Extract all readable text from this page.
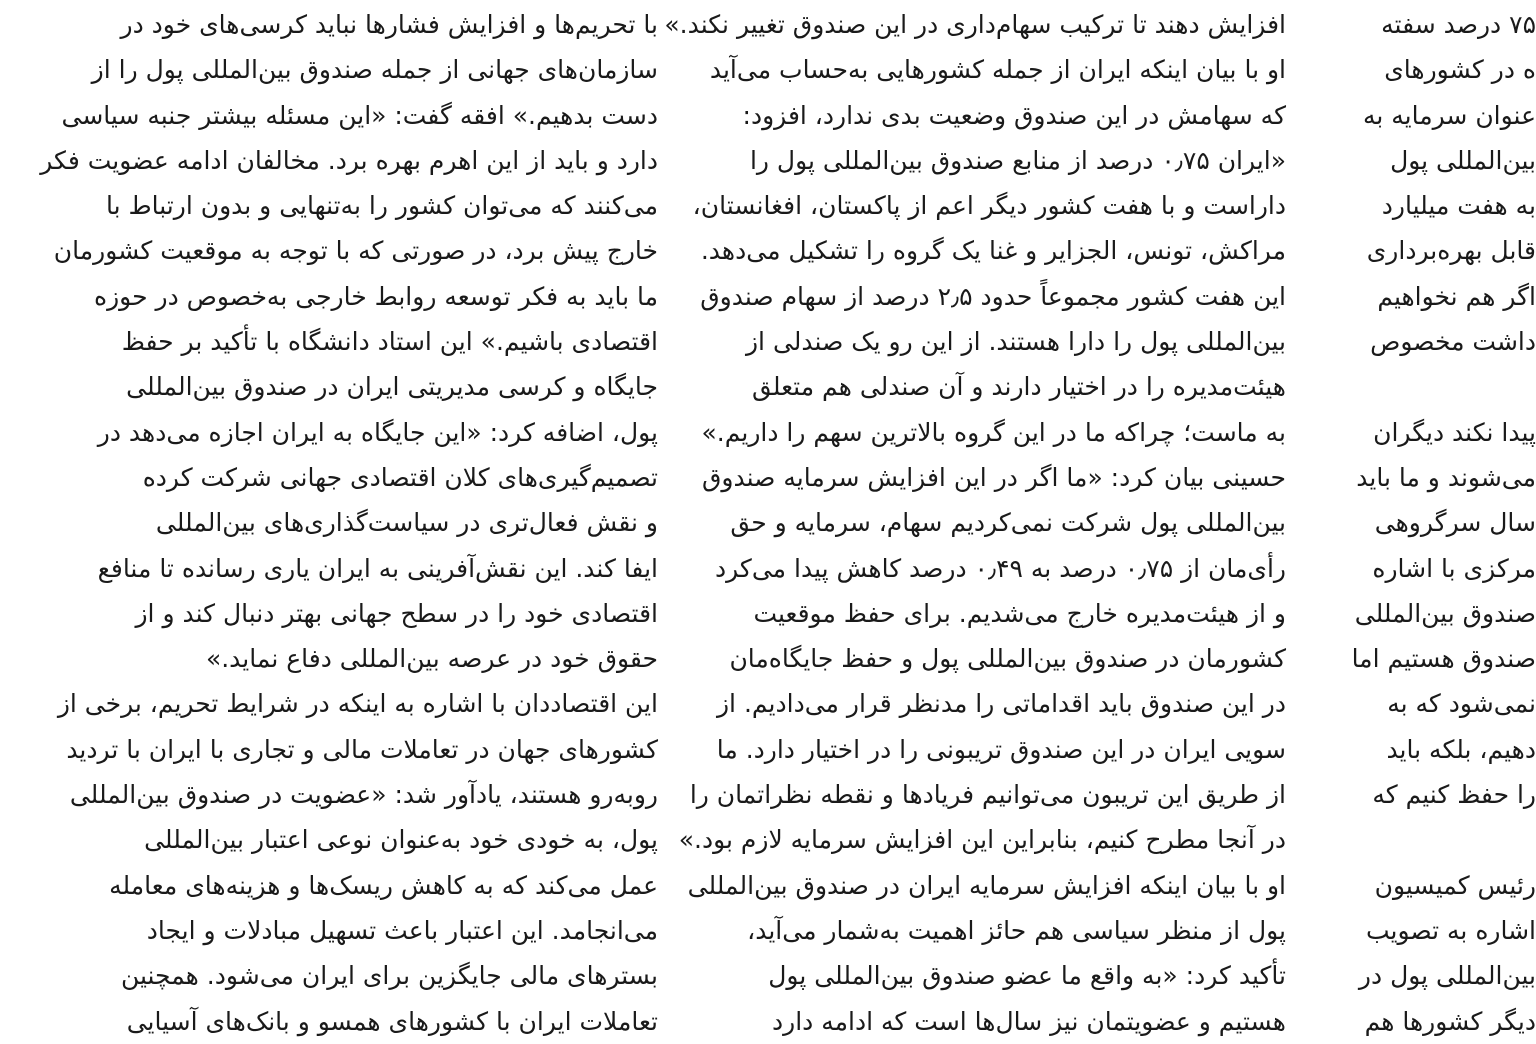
با تحریم‌ها و افزایش فشارها نباید کرسی‌های خود در

سازمان‌های جهانی از جمله صندوق بین‌المللی پول را از

دست بدهیم.» افقه گفت: «این مسئله بیشتر جنبه سیاسی

دارد و باید از این اهرم بهره برد. مخالفان ادامه عضویت فکر

می‌کنند که می‌توان کشور را به‌تنهایی و بدون ارتباط با

خارج پیش برد، در صورتی که با توجه به موقعیت کشورمان

ما باید به فکر توسعه روابط خارجی به‌خصوص در حوزه

اقتصادی باشیم.» این استاد دانشگاه با تأکید بر حفظ

جایگاه و کرسی مدیریتی ایران در صندوق بین‌المللی

پول، اضافه کرد: «این جایگاه به ایران اجازه می‌دهد در

تصمیم‌گیری‌های کلان اقتصادی جهانی شرکت کرده

و نقش فعال‌تری در سیاست‌گذاری‌های بین‌المللی

ایفا کند. این نقش‌آفرینی به ایران یاری رسانده تا منافع

اقتصادی خود را در سطح جهانی بهتر دنبال کند و از

حقوق خود در عرصه بین‌المللی دفاع نماید.»

این اقتصاددان با اشاره به اینکه در شرایط تحریم، برخی از

کشورهای جهان در تعاملات مالی و تجاری با ایران با تردید

روبه‌رو هستند، یادآور شد: «عضویت در صندوق بین‌المللی

پول، به خودی خود به‌عنوان نوعی اعتبار بین‌المللی

عمل می‌کند که به کاهش ریسک‌ها و هزینه‌های معامله

می‌انجامد. این اعتبار باعث تسهیل مبادلات و ایجاد

بسترهای مالی جایگزین برای ایران می‌شود. همچنین

تعاملات ایران با کشورهای همسو و بانک‌های آسیایی

افزایش دهند تا ترکیب سهام‌داری در این صندوق تغییر نکند.»

او با بیان اینکه ایران از جمله کشورهایی به‌حساب می‌آید

که سهامش در این صندوق وضعیت بدی ندارد، افزود:

«ایران ۰٫۷۵ درصد از منابع صندوق بین‌المللی پول را

داراست و با هفت کشور دیگر اعم از پاکستان، افغانستان،

مراکش، تونس، الجزایر و غنا یک گروه را تشکیل می‌دهد.

این هفت کشور مجموعاً حدود ۲٫۵ درصد از سهام صندوق

بین‌المللی پول را دارا هستند. از این رو یک صندلی از

هیئت‌مدیره را در اختیار دارند و آن صندلی هم متعلق

به ماست؛ چراکه ما در این گروه بالاترین سهم را داریم.»

حسینی بیان کرد: «ما اگر در این افزایش سرمایه صندوق

بین‌المللی پول شرکت نمی‌کردیم سهام، سرمایه و حق

رأی‌مان از ۰٫۷۵ درصد به ۰٫۴۹ درصد کاهش پیدا می‌کرد

و از هیئت‌مدیره خارج می‌شدیم. برای حفظ موقعیت

کشورمان در صندوق بین‌المللی پول و حفظ جایگاه‌مان

در این صندوق باید اقداماتی را مدنظر قرار می‌دادیم. از

سویی ایران در این صندوق تریبونی را در اختیار دارد. ما

از طریق این تریبون می‌توانیم فریادها و نقطه نظراتمان را

در آنجا مطرح کنیم، بنابراین این افزایش سرمایه لازم بود.»

او با بیان اینکه افزایش سرمایه ایران در صندوق بین‌المللی

پول از منظر سیاسی هم حائز اهمیت به‌شمار می‌آید،

تأکید کرد: «به واقع ما عضو صندوق بین‌المللی پول

هستیم و عضویتمان نیز سال‌ها است که ادامه دارد

۷۵ درصد سفته

ه در کشورهای

عنوان سرمایه به

بین‌المللی پول

به هفت میلیارد

قابل بهره‌برداری

اگر هم نخواهیم

داشت مخصوص

پیدا نکند دیگران

می‌شوند و ما باید

سال سرگروهی

مرکزی با اشاره

صندوق بین‌المللی

صندوق هستیم اما

نمی‌شود که به

دهیم، بلکه باید

را حفظ کنیم که

رئیس کمیسیون

اشاره به تصویب

بین‌المللی پول در

دیگر کشورها هم
